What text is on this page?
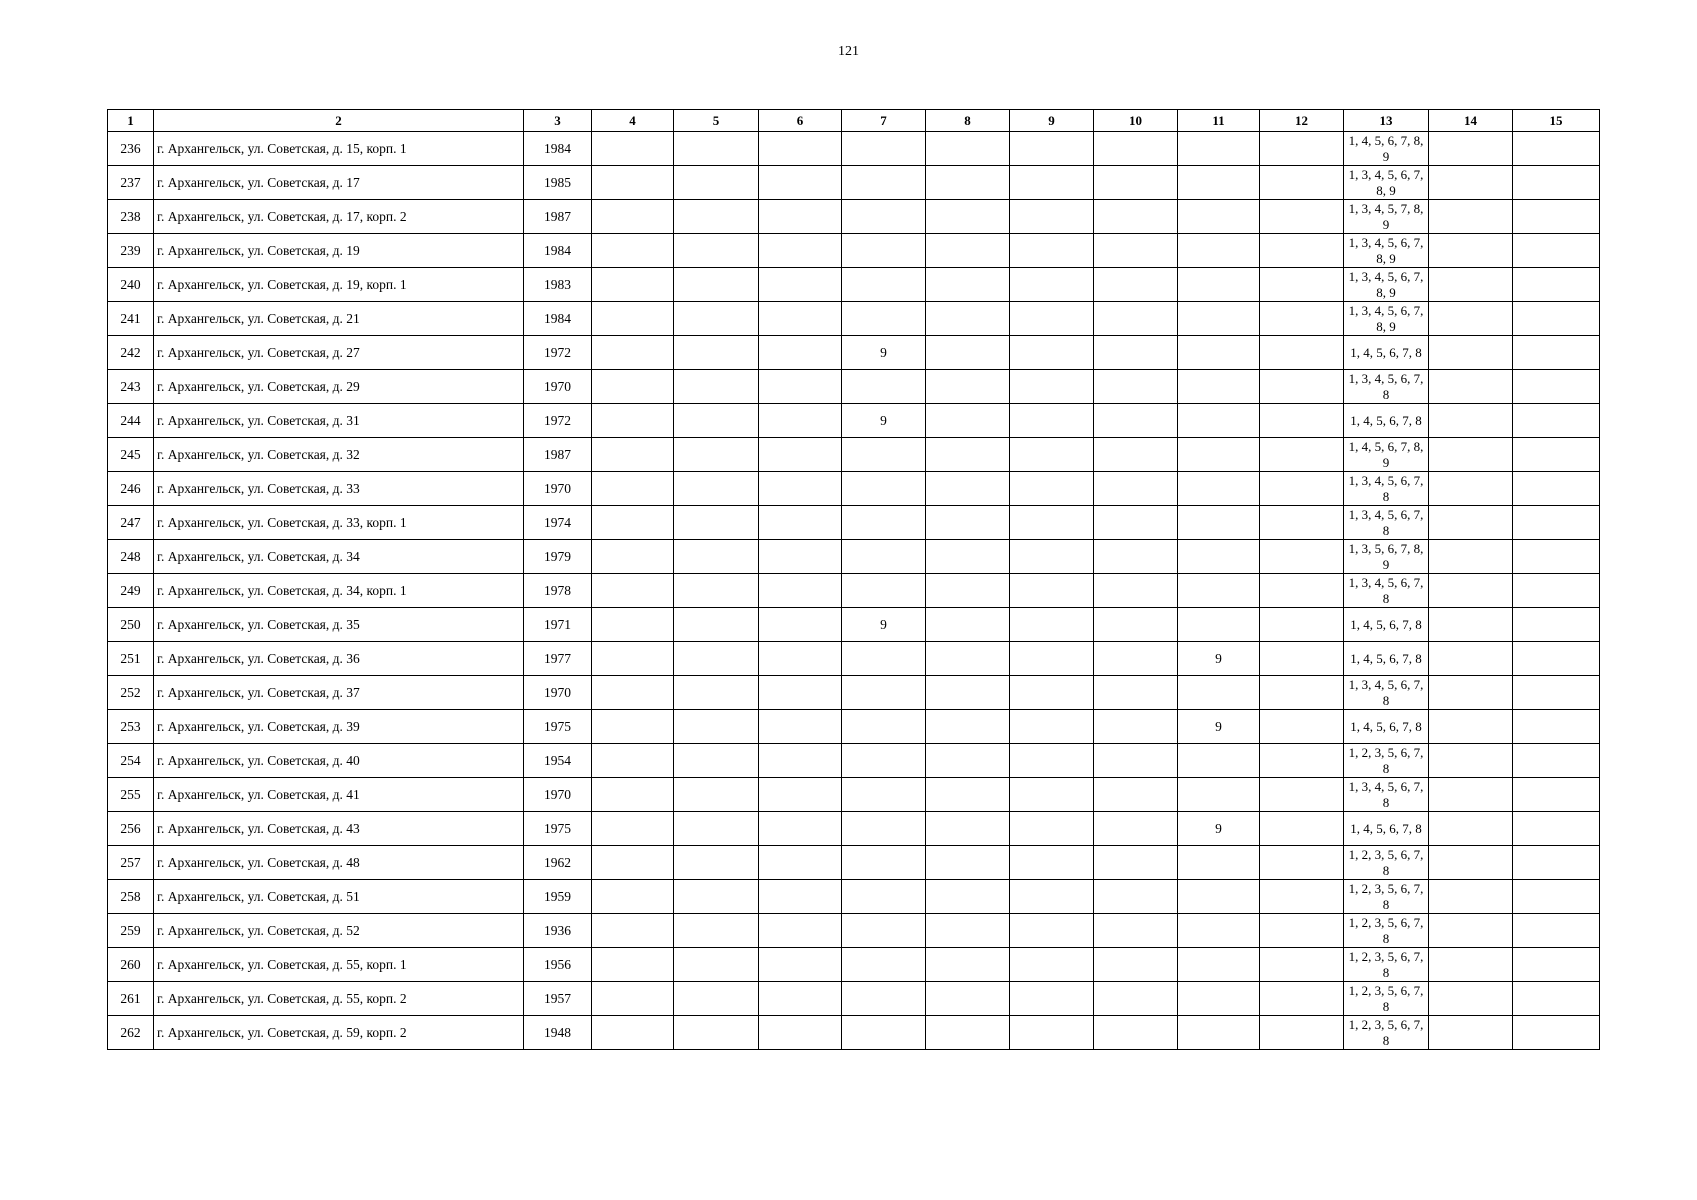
121
1	2	3	4	5	6	7	8	9	10	11	12	13	14	15
236	г. Архангельск, ул. Советская, д. 15, корп. 1	1984										1, 4, 5, 6, 7, 8, 9		
237	г. Архангельск, ул. Советская, д. 17	1985										1, 3, 4, 5, 6, 7, 8, 9		
238	г. Архангельск, ул. Советская, д. 17, корп. 2	1987										1, 3, 4, 5, 7, 8, 9		
239	г. Архангельск, ул. Советская, д. 19	1984										1, 3, 4, 5, 6, 7, 8, 9		
240	г. Архангельск, ул. Советская, д. 19, корп. 1	1983										1, 3, 4, 5, 6, 7, 8, 9		
241	г. Архангельск, ул. Советская, д. 21	1984										1, 3, 4, 5, 6, 7, 8, 9		
242	г. Архангельск, ул. Советская, д. 27	1972				9						1, 4, 5, 6, 7, 8		
243	г. Архангельск, ул. Советская, д. 29	1970										1, 3, 4, 5, 6, 7, 8		
244	г. Архангельск, ул. Советская, д. 31	1972				9						1, 4, 5, 6, 7, 8		
245	г. Архангельск, ул. Советская, д. 32	1987										1, 4, 5, 6, 7, 8, 9		
246	г. Архангельск, ул. Советская, д. 33	1970										1, 3, 4, 5, 6, 7, 8		
247	г. Архангельск, ул. Советская, д. 33, корп. 1	1974										1, 3, 4, 5, 6, 7, 8		
248	г. Архангельск, ул. Советская, д. 34	1979										1, 3, 5, 6, 7, 8, 9		
249	г. Архангельск, ул. Советская, д. 34, корп. 1	1978										1, 3, 4, 5, 6, 7, 8		
250	г. Архангельск, ул. Советская, д. 35	1971				9						1, 4, 5, 6, 7, 8		
251	г. Архангельск, ул. Советская, д. 36	1977								9		1, 4, 5, 6, 7, 8		
252	г. Архангельск, ул. Советская, д. 37	1970										1, 3, 4, 5, 6, 7, 8		
253	г. Архангельск, ул. Советская, д. 39	1975								9		1, 4, 5, 6, 7, 8		
254	г. Архангельск, ул. Советская, д. 40	1954										1, 2, 3, 5, 6, 7, 8		
255	г. Архангельск, ул. Советская, д. 41	1970										1, 3, 4, 5, 6, 7, 8		
256	г. Архангельск, ул. Советская, д. 43	1975								9		1, 4, 5, 6, 7, 8		
257	г. Архангельск, ул. Советская, д. 48	1962										1, 2, 3, 5, 6, 7, 8		
258	г. Архангельск, ул. Советская, д. 51	1959										1, 2, 3, 5, 6, 7, 8		
259	г. Архангельск, ул. Советская, д. 52	1936										1, 2, 3, 5, 6, 7, 8		
260	г. Архангельск, ул. Советская, д. 55, корп. 1	1956										1, 2, 3, 5, 6, 7, 8		
261	г. Архангельск, ул. Советская, д. 55, корп. 2	1957										1, 2, 3, 5, 6, 7, 8		
262	г. Архангельск, ул. Советская, д. 59, корп. 2	1948										1, 2, 3, 5, 6, 7, 8		
